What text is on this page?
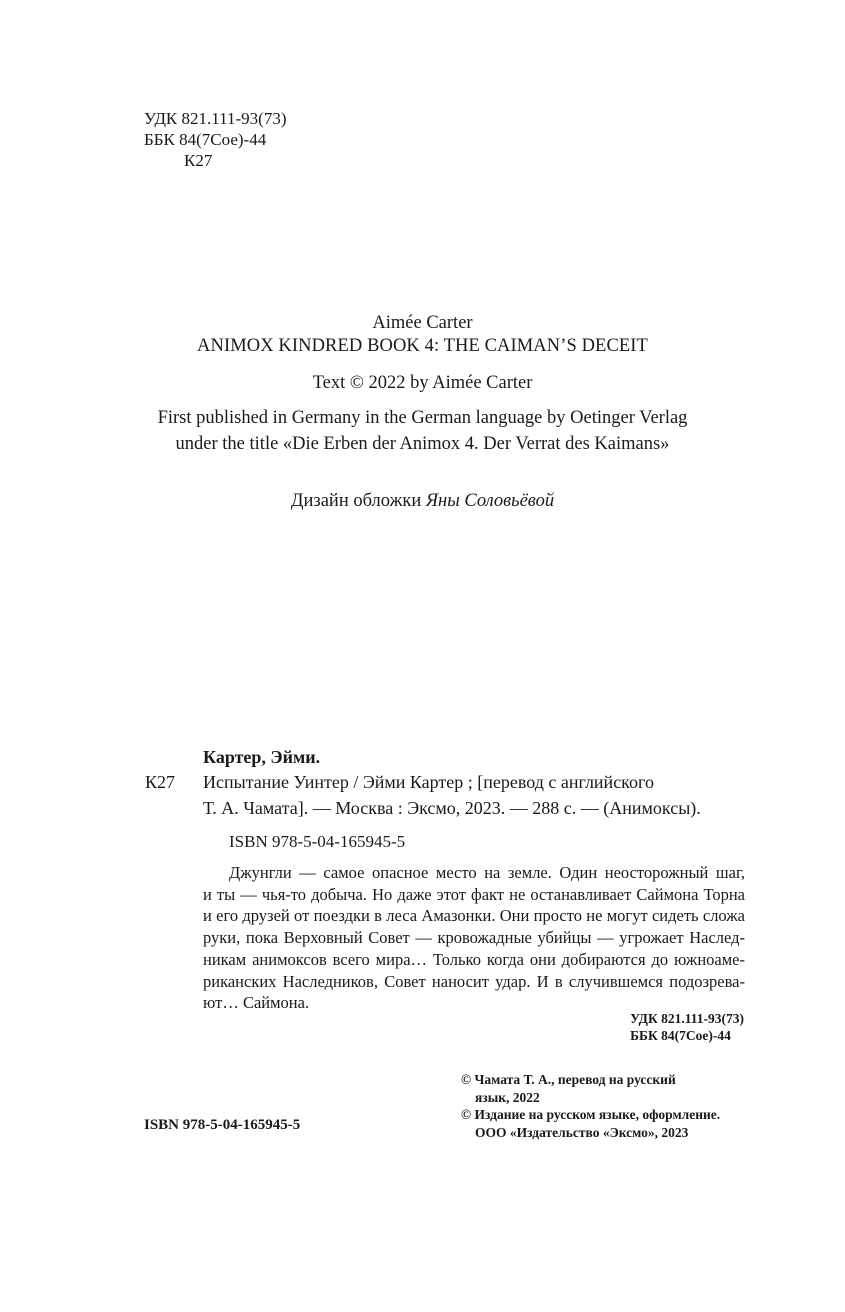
УДК 821.111-93(73)
ББК 84(7Сое)-44
К27
Aimée Carter
ANIMOX KINDRED BOOK 4: THE CAIMAN’S DECEIT
Text © 2022 by Aimée Carter
First published in Germany in the German language by Oetinger Verlag
under the title «Die Erben der Animox 4. Der Verrat des Kaimans»
Дизайн обложки Яны Соловьёвой
Картер, Эйми.
К27 Испытание Уинтер / Эйми Картер ; [перевод с английского
Т. А. Чамата]. — Москва : Эксмо, 2023. — 288 с. — (Анимоксы).
ISBN 978-5-04-165945-5
Джунгли — самое опасное место на земле. Один неосторожный шаг,
и ты — чья-то добыча. Но даже этот факт не останавливает Саймона Торна
и его друзей от поездки в леса Амазонки. Они просто не могут сидеть сложа
руки, пока Верховный Совет — кровожадные убийцы — угрожает Наслед-
никам анимоксов всего мира… Только когда они добираются до южноаме-
риканских Наследников, Совет наносит удар. И в случившемся подозрева-
ют… Саймона.
УДК 821.111-93(73)
ББК 84(7Сое)-44
© Чамата Т. А., перевод на русский
язык, 2022
© Издание на русском языке, оформление.
ООО «Издательство «Эксмо», 2023
ISBN 978-5-04-165945-5
